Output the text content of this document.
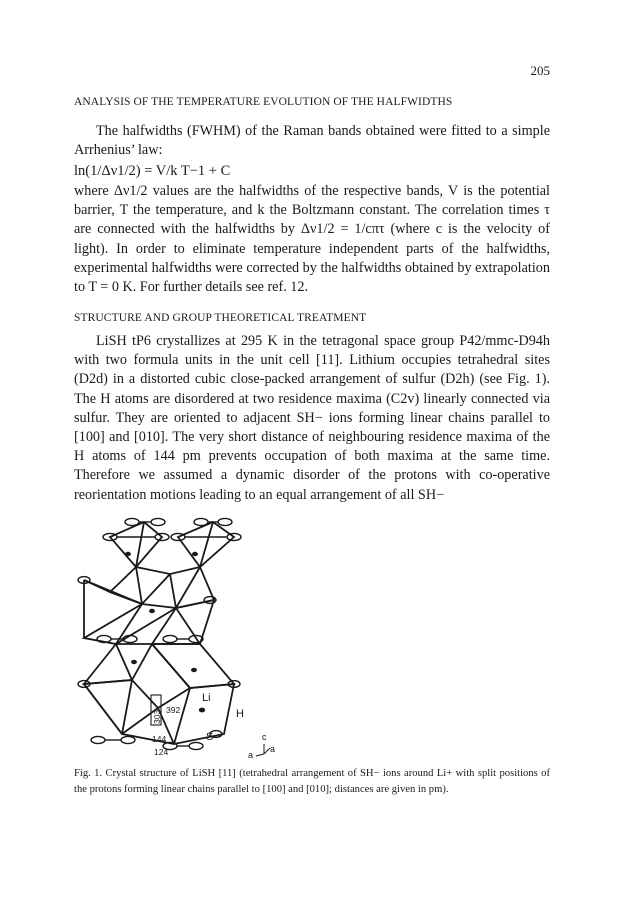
205
ANALYSIS OF THE TEMPERATURE EVOLUTION OF THE HALFWIDTHS

The halfwidths (FWHM) of the Raman bands obtained were fitted to a simple Arrhenius’ law:

ln(1/Δν1/2) = V/k T−1 + C

where Δν1/2 values are the halfwidths of the respective bands, V is the potential barrier, T the temperature, and k the Boltzmann constant. The correlation times τ are connected with the halfwidths by Δν1/2 = 1/cπτ (where c is the velocity of light). In order to eliminate temperature independent parts of the halfwidths, experimental halfwidths were corrected by the halfwidths obtained by extrapolation to T = 0 K. For further details see ref. 12.

STRUCTURE AND GROUP THEORETICAL TREATMENT

LiSH tP6 crystallizes at 295 K in the tetragonal space group P42/mmc-D94h with two formula units in the unit cell [11]. Lithium occupies tetrahedral sites (D2d) in a distorted cubic close-packed arrangement of sulfur (D2h) (see Fig. 1). The H atoms are disordered at two residence maxima (C2v) linearly connected via sulfur. They are oriented to adjacent SH− ions forming linear chains parallel to [100] and [010]. The very short distance of neighbouring residence maxima of the H atoms of 144 pm prevents occupation of both maxima at the same time. Therefore we assumed a dynamic disorder of the protons with co-operative reorientation motions leading to an equal arrangement of all SH−

Li
H
S
303 392
144
124
c
a
a

Fig. 1. Crystal structure of LiSH [11] (tetrahedral arrangement of SH− ions around Li+ with split positions of the protons forming linear chains parallel to [100] and [010]; distances are given in pm).
